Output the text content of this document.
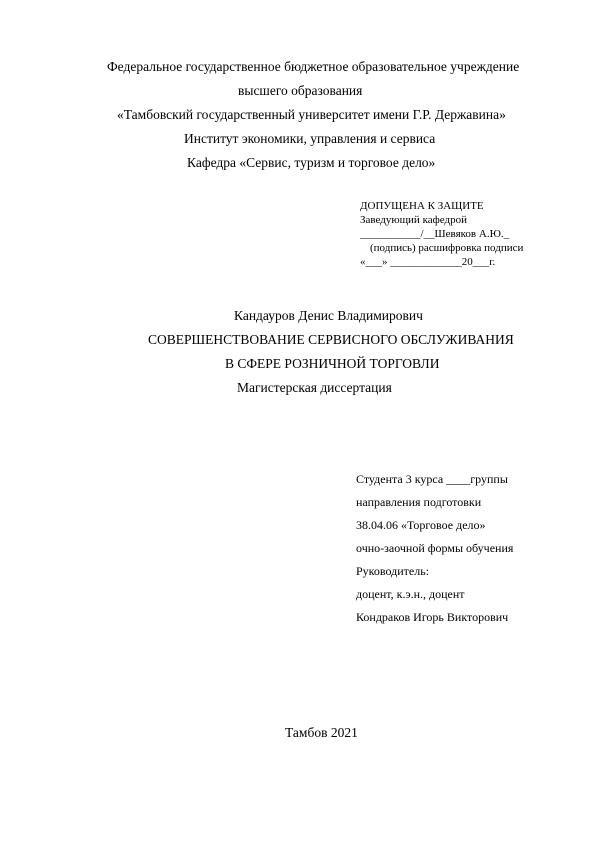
Федеральное государственное бюджетное образовательное учреждение
высшего образования
«Тамбовский государственный университет имени Г.Р. Державина»
Институт экономики, управления и сервиса
Кафедра «Сервис, туризм и торговое дело»
ДОПУЩЕНА К ЗАЩИТЕ
Заведующий кафедрой
___________/__Шевяков А.Ю._
(подпись) расшифровка подписи
«___» _____________20___г.
Кандауров Денис Владимирович
СОВЕРШЕНСТВОВАНИЕ СЕРВИСНОГО ОБСЛУЖИВАНИЯ
В СФЕРЕ РОЗНИЧНОЙ ТОРГОВЛИ
Магистерская диссертация
Студента 3 курса ____группы
направления подготовки
38.04.06 «Торговое дело»
очно-заочной формы обучения
Руководитель:
доцент, к.э.н., доцент
Кондраков Игорь Викторович
Тамбов 2021
